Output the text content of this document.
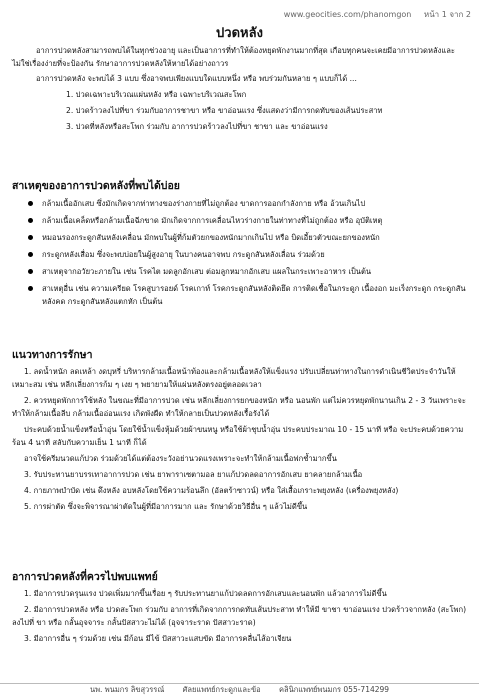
www.geocities.com/phanomgon หน้า 1 จาก 2
ปวดหลัง

อาการปวดหลังสามารถพบได้ในทุกช่วงอายุ และเป็นอาการที่ทำให้ต้องหยุดพักงานมากที่สุด เกือบทุกคนจะเคยมีอาการปวดหลังและไม่ใช่เรื่องง่ายที่จะป้องกัน รักษาอาการปวดหลังให้หายได้อย่างถาวร

อาการปวดหลัง จะพบได้ 3 แบบ ซึ่งอาจพบเพียงแบบใดแบบหนึ่ง หรือ พบร่วมกันหลาย ๆ แบบก็ได้ ...

1. ปวดเฉพาะบริเวณแผ่นหลัง หรือ เฉพาะบริเวณสะโพก
2. ปวดร้าวลงไปที่ขา ร่วมกับอาการชาขา หรือ ขาอ่อนแรง ซึ่งแสดงว่ามีการกดทับของเส้นประสาท
3. ปวดที่หลังหรือสะโพก ร่วมกับ อาการปวดร้าวลงไปที่ขา ชาขา และ ขาอ่อนแรง
สาเหตุของอาการปวดหลังที่พบได้บ่อย
กล้ามเนื้ออักเสบ ซึ่งมักเกิดจากท่าทางของร่างกายที่ไม่ถูกต้อง ขาดการออกกำลังกาย หรือ อ้วนเกินไป
กล้ามเนื้อเคล็ดหรือกล้ามเนื้อฉีกขาด มักเกิดจากการเคลื่อนไหวร่างกายในท่าทางที่ไม่ถูกต้อง หรือ อุบัติเหตุ
หมอนรองกระดูกสันหลังเคลื่อน มักพบในผู้ที่ก้มตัวยกของหนักมากเกินไป หรือ บิดเอี้ยวตัวขณะยกของหนัก
กระดูกหลังเสื่อม ซึ่งจะพบบ่อยในผู้สูงอายุ ในบางคนอาจพบ กระดูกสันหลังเลื่อน ร่วมด้วย
สาเหตุจากอวัยวะภายใน เช่น โรคไต มดลูกอักเสบ ต่อมลูกหมากอักเสบ แผลในกระเพาะอาหาร เป็นต้น
สาเหตุอื่น เช่น ความเครียด โรคสูบารอยด์ โรคเกาท์ โรคกระดูกสันหลังติดยึด การติดเชื้อในกระดูก เนื้องอก มะเร็งกระดูก กระดูกสันหลังคด กระดูกสันหลังแตกหัก เป็นต้น
แนวทางการรักษา
1. ลดน้ำหนัก ลดเหล้า งดบุหรี่ บริหารกล้ามเนื้อหน้าท้องและกล้ามเนื้อหลังให้แข็งแรง ปรับเปลี่ยนท่าทางในการดำเนินชีวิตประจำวันให้เหมาะสม เช่น หลีกเลี่ยงการก้ม ๆ เงย ๆ พยายามให้แผ่นหลังตรงอยู่ตลอดเวลา
2. ควรหยุดพักการใช้หลัง ในขณะที่มีอาการปวด เช่น หลีกเลี่ยงการยกของหนัก หรือ นอนพัก แต่ไม่ควรหยุดพักนานเกิน 2 - 3 วันเพราะจะทำให้กล้ามเนื้อลีบ กล้ามเนื้ออ่อนแรง เกิดพังผืด ทำให้กลายเป็นปวดหลังเรื้อรังได้
ประคบด้วยน้ำแข็งหรือน้ำอุ่น โดยใช้น้ำแข็งหุ้มด้วยผ้าขนหนู หรือใช้ผ้าชุบน้ำอุ่น ประคบประมาณ 10 - 15 นาที หรือ จะประคบด้วยความร้อน 4 นาที สลับกับความเย็น 1 นาที ก็ได้
อาจใช้ครีมนวดแก้ปวด ร่วมด้วยได้แต่ต้องระวังอย่านวดแรงเพราะจะทำให้กล้ามเนื้อฟกช้ำมากขึ้น
3. รับประทานยาบรรเทาอาการปวด เช่น ยาพาราเซตามอล ยาแก้ปวดลดอาการอักเสบ ยาคลายกล้ามเนื้อ
4. กายภาพบำบัด เช่น ดึงหลัง อบหลังโดยใช้ความร้อนลึก (อัลตร้าซาวน์) หรือ ใส่เสื้อเกราะพยุงหลัง (เครื่องพยุงหลัง)
5. การผ่าตัด ซึ่งจะพิจารณาผ่าตัดในผู้ที่มีอาการมาก และ รักษาด้วยวิธีอื่น ๆ แล้วไม่ดีขึ้น
อาการปวดหลังที่ควรไปพบแพทย์
1. มีอาการปวดรุนแรง ปวดเพิ่มมากขึ้นเรื่อย ๆ รับประทานยาแก้ปวดลดการอักเสบและนอนพัก แล้วอาการไม่ดีขึ้น
2. มีอาการปวดหลัง หรือ ปวดสะโพก ร่วมกับ อาการที่เกิดจากการกดทับเส้นประสาท ทำให้มี ขาชา ขาอ่อนแรง ปวดร้าวจากหลัง (สะโพก) ลงไปที่ ขา หรือ กลั้นอุจจาระ กลั้นปัสสาวะไม่ได้ (อุจจาระราด ปัสสาวะราด)
3. มีอาการอื่น ๆ ร่วมด้วย เช่น มีก้อน มีไข้ ปัสสาวะแสบขัด มีอาการคลื่นไส้อาเจียน
นพ. พนมกร ลิขสุวรรณ์ ศัลยแพทย์กระดูกและข้อ คลินิกแพทย์พนมกร 055-714299
